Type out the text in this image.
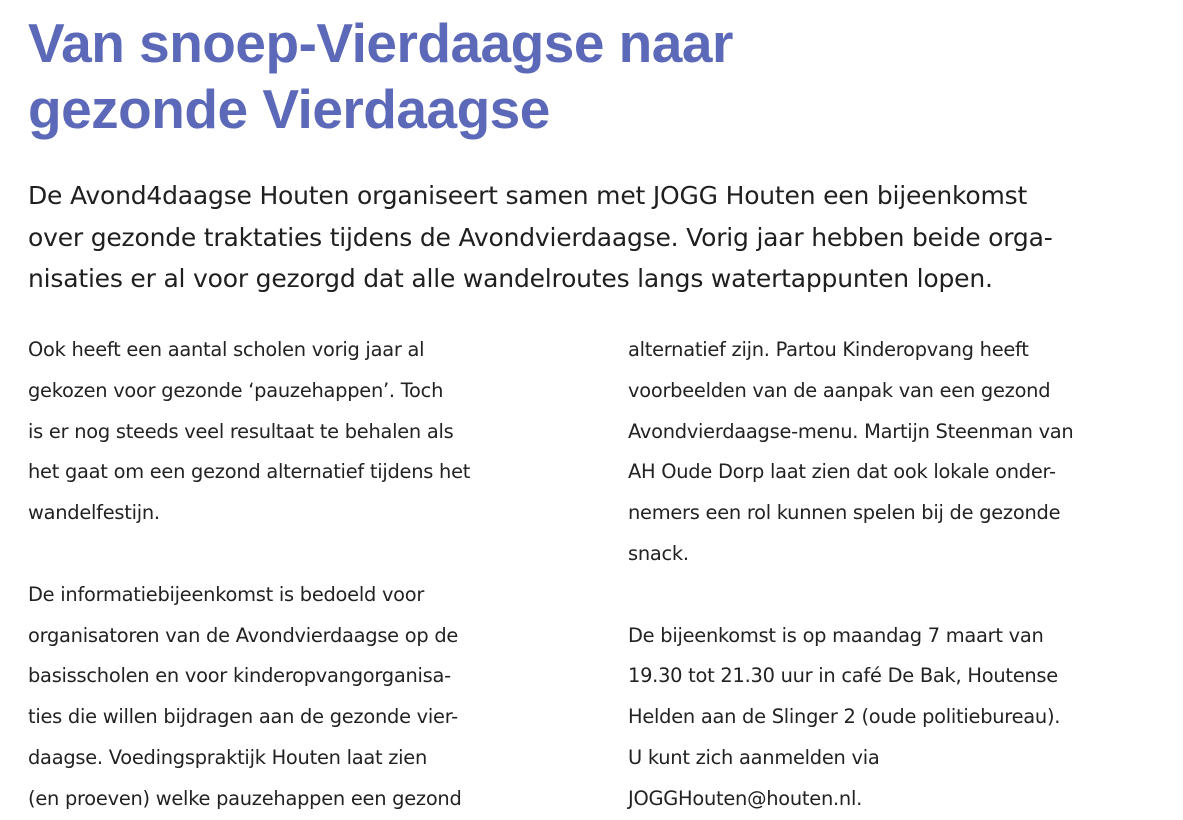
Van snoep-Vierdaagse naar
gezonde Vierdaagse
De Avond4daagse Houten organiseert samen met JOGG Houten een bijeenkomst
over gezonde traktaties tijdens de Avondvierdaagse. Vorig jaar hebben beide orga-
nisaties er al voor gezorgd dat alle wandelroutes langs watertappunten lopen.
Ook heeft een aantal scholen vorig jaar al
gekozen voor gezonde ‘pauzehappen’. Toch
is er nog steeds veel resultaat te behalen als
het gaat om een gezond alternatief tijdens het
wandelfestijn.
De informatiebijeenkomst is bedoeld voor
organisatoren van de Avondvierdaagse op de
basisscholen en voor kinderopvangorganisa-
ties die willen bijdragen aan de gezonde vier-
daagse. Voedingspraktijk Houten laat zien
(en proeven) welke pauzehappen een gezond
alternatief zijn. Partou Kinderopvang heeft
voorbeelden van de aanpak van een gezond
Avondvierdaagse-menu. Martijn Steenman van
AH Oude Dorp laat zien dat ook lokale onder-
nemers een rol kunnen spelen bij de gezonde
snack.
De bijeenkomst is op maandag 7 maart van
19.30 tot 21.30 uur in café De Bak, Houtense
Helden aan de Slinger 2 (oude politiebureau).
U kunt zich aanmelden via
JOGGHouten@houten.nl.
